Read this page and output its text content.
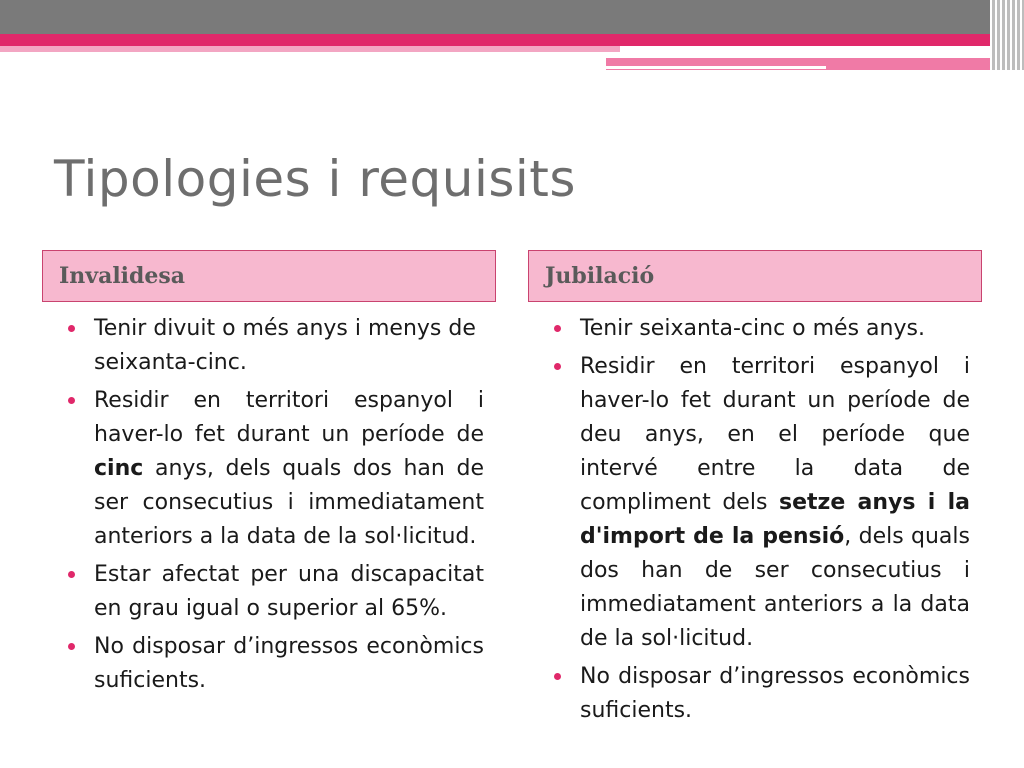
Tipologies i requisits
Invalidesa	Jubilació
Tenir divuit o més anys i menys de seixanta-cinc.
Residir en territori espanyol i haver-lo fet durant un període de cinc anys, dels quals dos han de ser consecutius i immediatament anteriors a la data de la sol·licitud.
Estar afectat per una discapacitat en grau igual o superior al 65%.
No disposar d’ingressos econòmics suficients.
Tenir seixanta-cinc o més anys.
Residir en territori espanyol i haver-lo fet durant un període de deu anys, en el període que intervé entre la data de compliment dels setze anys i la d'import de la pensió, dels quals dos han de ser consecutius i immediatament anteriors a la data de la sol·licitud.
No disposar d’ingressos econòmics suficients.
